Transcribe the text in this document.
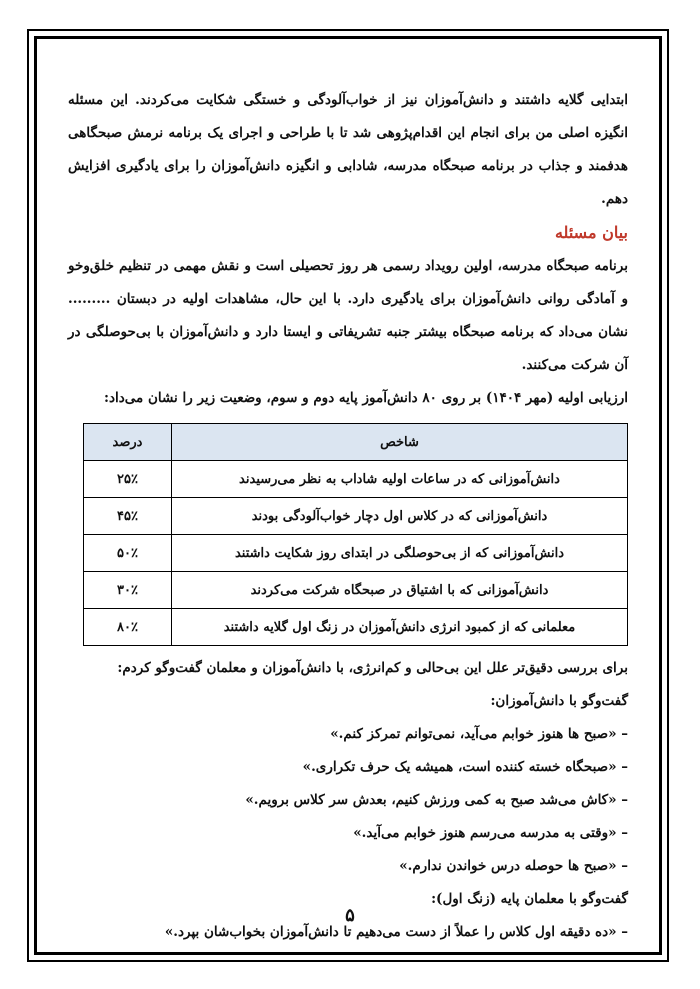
ابتدایی گلایه داشتند و دانش‌آموزان نیز از خواب‌آلودگی و خستگی شکایت می‌کردند. این مسئله انگیزه اصلی من برای انجام این اقدام‌پژوهی شد تا با طراحی و اجرای یک برنامه نرمش صبحگاهی هدفمند و جذاب در برنامه صبحگاه مدرسه، شادابی و انگیزه دانش‌آموزان را برای یادگیری افزایش دهم.

بیان مسئله

برنامه صبحگاه مدرسه، اولین رویداد رسمی هر روز تحصیلی است و نقش مهمی در تنظیم خلق‌وخو و آمادگی روانی دانش‌آموزان برای یادگیری دارد. با این حال، مشاهدات اولیه در دبستان ......... نشان می‌داد که برنامه صبحگاه بیشتر جنبه تشریفاتی و ایستا دارد و دانش‌آموزان با بی‌حوصلگی در آن شرکت می‌کنند.

ارزیابی اولیه (مهر ۱۴۰۴) بر روی ۸۰ دانش‌آموز پایه دوم و سوم، وضعیت زیر را نشان می‌داد:

شاخص	درصد
دانش‌آموزانی که در ساعات اولیه شاداب به نظر می‌رسیدند	۲۵٪
دانش‌آموزانی که در کلاس اول دچار خواب‌آلودگی بودند	۴۵٪
دانش‌آموزانی که از بی‌حوصلگی در ابتدای روز شکایت داشتند	۵۰٪
دانش‌آموزانی که با اشتیاق در صبحگاه شرکت می‌کردند	۳۰٪
معلمانی که از کمبود انرژی دانش‌آموزان در زنگ اول گلایه داشتند	۸۰٪

برای بررسی دقیق‌تر علل این بی‌حالی و کم‌انرژی، با دانش‌آموزان و معلمان گفت‌وگو کردم:

گفت‌وگو با دانش‌آموزان:

– «صبح ها هنوز خوابم می‌آید، نمی‌توانم تمرکز کنم.»

– «صبحگاه خسته کننده است، همیشه یک حرف تکراری.»

– «کاش می‌شد صبح به کمی ورزش کنیم، بعدش سر کلاس برویم.»

– «وقتی به مدرسه می‌رسم هنوز خوابم می‌آید.»

– «صبح ها حوصله درس خواندن ندارم.»

گفت‌وگو با معلمان پایه (زنگ اول):

– «ده دقیقه اول کلاس را عملاً از دست می‌دهیم تا دانش‌آموزان بخواب‌شان بپرد.»

۵
